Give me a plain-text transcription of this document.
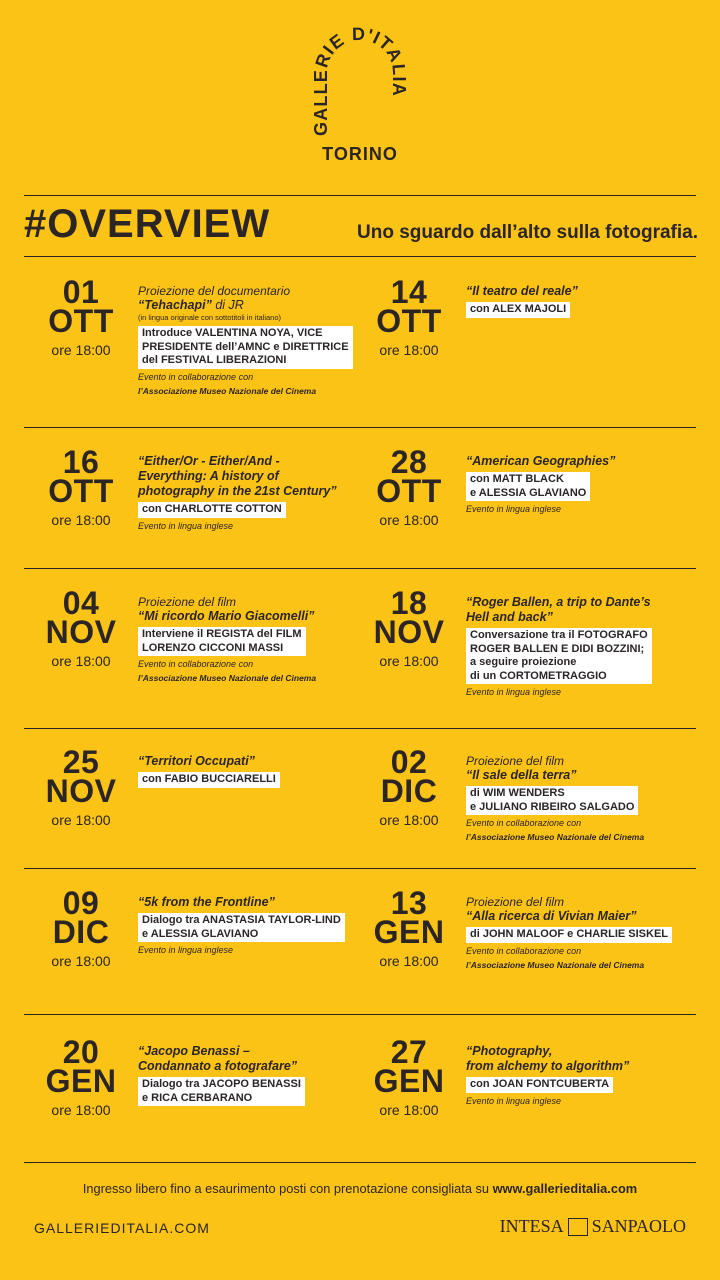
GALLERIE D'ITALIA
TORINO
#OVERVIEW	Uno sguardo dall’alto sulla fotografia.
01
OTT
ore 18:00
Proiezione del documentario
“Tehachapi” di JR
(in lingua originale con sottotitoli in italiano)
Introduce VALENTINA NOYA, VICE
PRESIDENTE dell’AMNC e DIRETTRICE
del FESTIVAL LIBERAZIONI
Evento in collaborazione con
l’Associazione Museo Nazionale del Cinema
14
OTT
ore 18:00
“Il teatro del reale”
con ALEX MAJOLI
16
OTT
ore 18:00
“Either/Or - Either/And -
Everything: A history of
photography in the 21st Century”
con CHARLOTTE COTTON
Evento in lingua inglese
28
OTT
ore 18:00
“American Geographies”
con MATT BLACK
e ALESSIA GLAVIANO
Evento in lingua inglese
04
NOV
ore 18:00
Proiezione del film
“Mi ricordo Mario Giacomelli”
Interviene il REGISTA del FILM
LORENZO CICCONI MASSI
Evento in collaborazione con
l’Associazione Museo Nazionale del Cinema
18
NOV
ore 18:00
“Roger Ballen, a trip to Dante’s
Hell and back”
Conversazione tra il FOTOGRAFO
ROGER BALLEN E DIDI BOZZINI;
a seguire proiezione
di un CORTOMETRAGGIO
Evento in lingua inglese
25
NOV
ore 18:00
“Territori Occupati”
con FABIO BUCCIARELLI	02
DIC
ore 18:00
Proiezione del film
“Il sale della terra”
di WIM WENDERS
e JULIANO RIBEIRO SALGADO
Evento in collaborazione con
l’Associazione Museo Nazionale del Cinema
09
DIC
ore 18:00
“5k from the Frontline”
Dialogo tra ANASTASIA TAYLOR-LIND
e ALESSIA GLAVIANO
Evento in lingua inglese
13
GEN
ore 18:00
Proiezione del film
“Alla ricerca di Vivian Maier”
di JOHN MALOOF e CHARLIE SISKEL
Evento in collaborazione con
l’Associazione Museo Nazionale del Cinema
20
GEN
ore 18:00
“Jacopo Benassi –
Condannato a fotografare”
Dialogo tra JACOPO BENASSI
e RICA CERBARANO
27
GEN
ore 18:00
“Photography,
from alchemy to algorithm”
con JOAN FONTCUBERTA
Evento in lingua inglese
Ingresso libero fino a esaurimento posti con prenotazione consigliata su www.gallerieditalia.com
GALLERIEDITALIA.COM	INTESA SANPAOLO
